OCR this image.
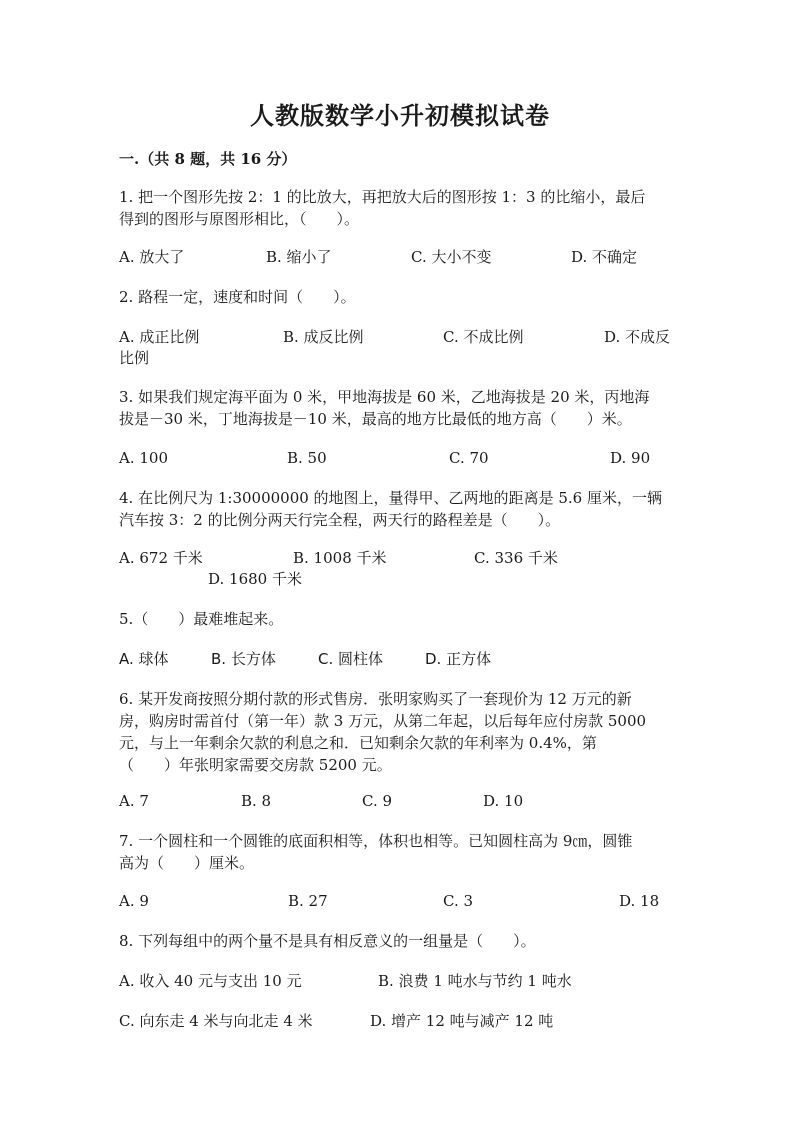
人教版数学小升初模拟试卷
一.（共 8 题，共 16 分）
1. 把一个图形先按 2：1 的比放大，再把放大后的图形按 1：3 的比缩小，最后
得到的图形与原图形相比，（　　）。
A. 放大了	B. 缩小了	C. 大小不变	D. 不确定
2. 路程一定，速度和时间（　　）。
A. 成正比例	B. 成反比例	C. 不成比例	D. 不成反
比例
3. 如果我们规定海平面为 0 米，甲地海拔是 60 米，乙地海拔是 20 米，丙地海
拔是－30 米，丁地海拔是－10 米，最高的地方比最低的地方高（　　）米。
A. 100	B. 50	C. 70	D. 90
4. 在比例尺为 1:30000000 的地图上，量得甲、乙两地的距离是 5.6 厘米，一辆
汽车按 3：2 的比例分两天行完全程，两天行的路程差是（　　）。
A. 672 千米	B. 1008 千米	C. 336 千米
D. 1680 千米
5.（　　）最难堆起来。
A. 球体	B. 长方体	C. 圆柱体	D. 正方体
6. 某开发商按照分期付款的形式售房．张明家购买了一套现价为 12 万元的新
房，购房时需首付（第一年）款 3 万元，从第二年起，以后每年应付房款 5000
元，与上一年剩余欠款的利息之和．已知剩余欠款的年利率为 0.4%，第
（　　）年张明家需要交房款 5200 元。
A. 7	B. 8	C. 9	D. 10
7. 一个圆柱和一个圆锥的底面积相等，体积也相等。已知圆柱高为 9㎝，圆锥
高为（　　）厘米。
A. 9	B. 27	C. 3	D. 18
8. 下列每组中的两个量不是具有相反意义的一组量是（　　）。
A. 收入 40 元与支出 10 元	B. 浪费 1 吨水与节约 1 吨水
C. 向东走 4 米与向北走 4 米	D. 增产 12 吨与减产 12 吨
